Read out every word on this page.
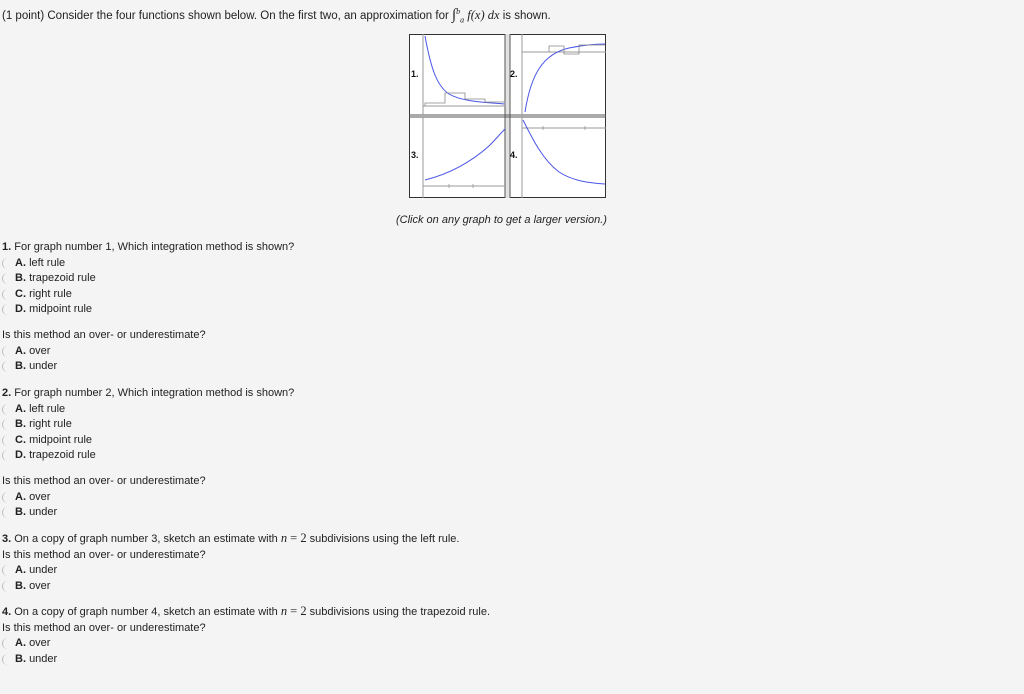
(1 point) Consider the four functions shown below. On the first two, an approximation for ∫$^b_a$ f(x) dx is shown.
1.	2.
3.	4.
(Click on any graph to get a larger version.)

1. For graph number 1, Which integration method is shown?

A.
left rule
B.
trapezoid rule
C.
right rule
D.
midpoint rule

Is this method an over- or underestimate?

A.
over
B.
under

2. For graph number 2, Which integration method is shown?

A.
left rule
B.
right rule
C.
midpoint rule
D.
trapezoid rule

Is this method an over- or underestimate?

A.
over
B.
under

3. On a copy of graph number 3, sketch an estimate with n = 2 subdivisions using the left rule.

Is this method an over- or underestimate?

A.
under
B.
over

4. On a copy of graph number 4, sketch an estimate with n = 2 subdivisions using the trapezoid rule.

Is this method an over- or underestimate?

A.
over
B.
under
